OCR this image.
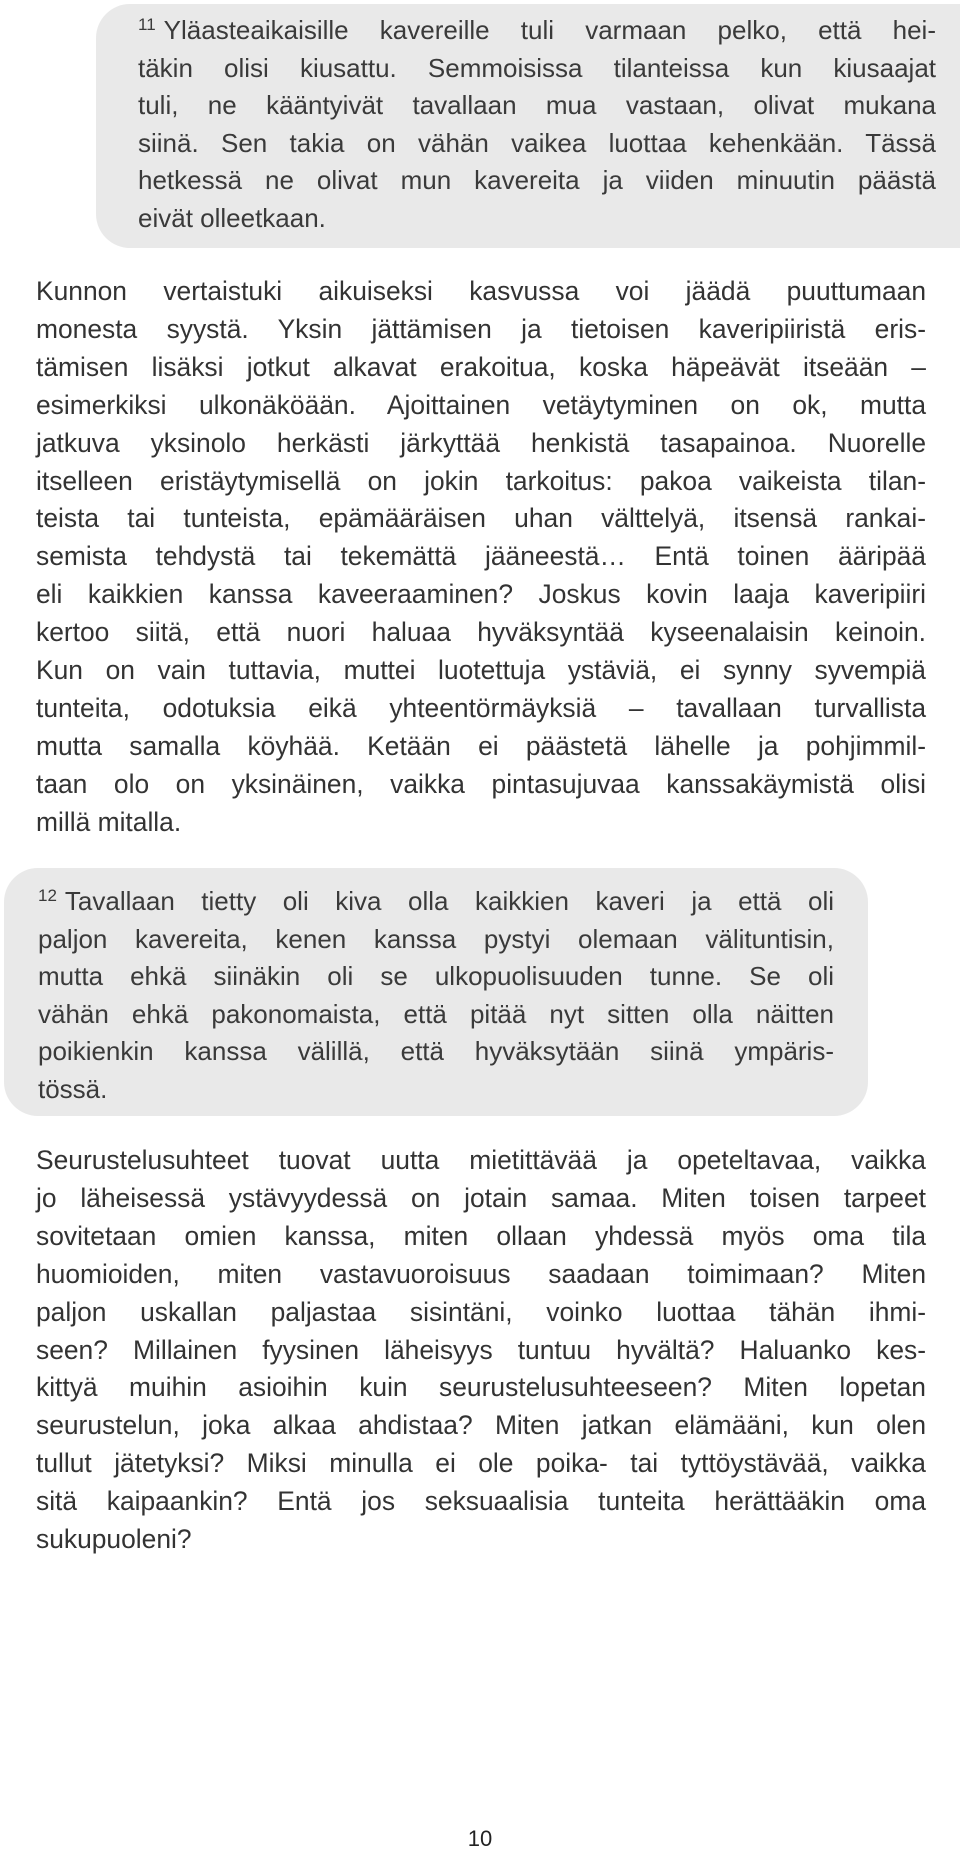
$^{11}$ Yläasteaikaisille kavereille tuli varmaan pelko, että hei-
täkin olisi kiusattu. Semmoisissa tilanteissa kun kiusaajat
tuli, ne kääntyivät tavallaan mua vastaan, olivat mukana
siinä. Sen takia on vähän vaikea luottaa kehenkään. Tässä
hetkessä ne olivat mun kavereita ja viiden minuutin päästä
eivät olleetkaan.
Kunnon vertaistuki aikuiseksi kasvussa voi jäädä puuttumaan
monesta syystä. Yksin jättämisen ja tietoisen kaveripiiristä eris-
tämisen lisäksi jotkut alkavat erakoitua, koska häpeävät itseään –
esimerkiksi ulkonäköään. Ajoittainen vetäytyminen on ok, mutta
jatkuva yksinolo herkästi järkyttää henkistä tasapainoa. Nuorelle
itselleen eristäytymisellä on jokin tarkoitus: pakoa vaikeista tilan-
teista tai tunteista, epämääräisen uhan välttelyä, itsensä rankai-
semista tehdystä tai tekemättä jääneestä… Entä toinen ääripää
eli kaikkien kanssa kaveeraaminen? Joskus kovin laaja kaveripiiri
kertoo siitä, että nuori haluaa hyväksyntää kyseenalaisin keinoin.
Kun on vain tuttavia, muttei luotettuja ystäviä, ei synny syvempiä
tunteita, odotuksia eikä yhteentörmäyksiä – tavallaan turvallista
mutta samalla köyhää. Ketään ei päästetä lähelle ja pohjimmil-
taan olo on yksinäinen, vaikka pintasujuvaa kanssakäymistä olisi
millä mitalla.
$^{12}$ Tavallaan tietty oli kiva olla kaikkien kaveri ja että oli
paljon kavereita, kenen kanssa pystyi olemaan välituntisin,
mutta ehkä siinäkin oli se ulkopuolisuuden tunne. Se oli
vähän ehkä pakonomaista, että pitää nyt sitten olla näitten
poikienkin kanssa välillä, että hyväksytään siinä ympäris-
tössä.
Seurustelusuhteet tuovat uutta mietittävää ja opeteltavaa, vaikka
jo läheisessä ystävyydessä on jotain samaa. Miten toisen tarpeet
sovitetaan omien kanssa, miten ollaan yhdessä myös oma tila
huomioiden, miten vastavuoroisuus saadaan toimimaan? Miten
paljon uskallan paljastaa sisintäni, voinko luottaa tähän ihmi-
seen? Millainen fyysinen läheisyys tuntuu hyvältä? Haluanko kes-
kittyä muihin asioihin kuin seurustelusuhteeseen? Miten lopetan
seurustelun, joka alkaa ahdistaa? Miten jatkan elämääni, kun olen
tullut jätetyksi? Miksi minulla ei ole poika- tai tyttöystävää, vaikka
sitä kaipaankin? Entä jos seksuaalisia tunteita herättääkin oma
sukupuoleni?
10
